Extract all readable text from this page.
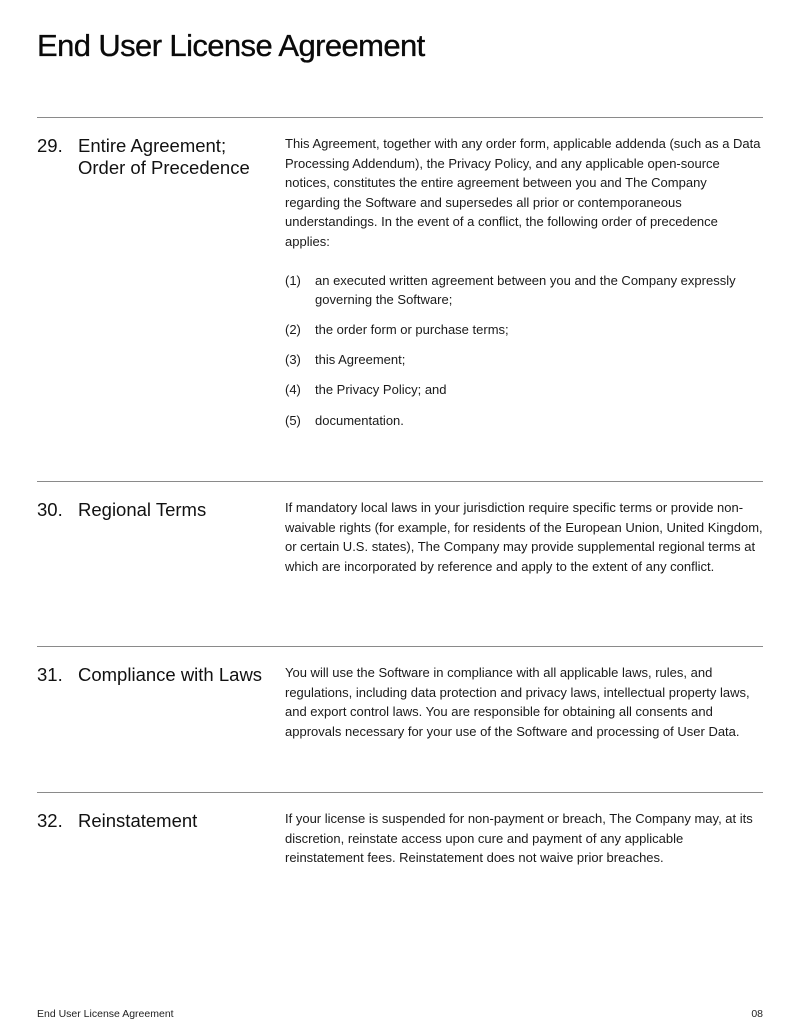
End User License Agreement
29. Entire Agreement; Order of Precedence

This Agreement, together with any order form, applicable addenda (such as a Data Processing Addendum), the Privacy Policy, and any applicable open-source notices, constitutes the entire agreement between you and The Company regarding the Software and supersedes all prior or contemporaneous understandings. In the event of a conflict, the following order of precedence applies:

(1)	an executed written agreement between you and the Company expressly governing the Software;
(2)	the order form or purchase terms;
(3)	this Agreement;
(4)	the Privacy Policy; and
(5)	documentation.
30. Regional Terms	If mandatory local laws in your jurisdiction require specific terms or provide non-waivable rights (for example, for residents of the European Union, United Kingdom, or certain U.S. states), The Company may provide supplemental regional terms at

which are incorporated by reference and apply to the extent of any conflict.

31. Compliance with Laws	You will use the Software in compliance with all applicable laws, rules, and regulations, including data protection and privacy laws, intellectual property laws, and export control laws. You are responsible for obtaining all consents and approvals necessary for your use of the Software and processing of User Data.

32. Reinstatement	If your license is suspended for non-payment or breach, The Company may, at its discretion, reinstate access upon cure and payment of any applicable reinstatement fees. Reinstatement does not waive prior breaches.

End User License Agreement	08
